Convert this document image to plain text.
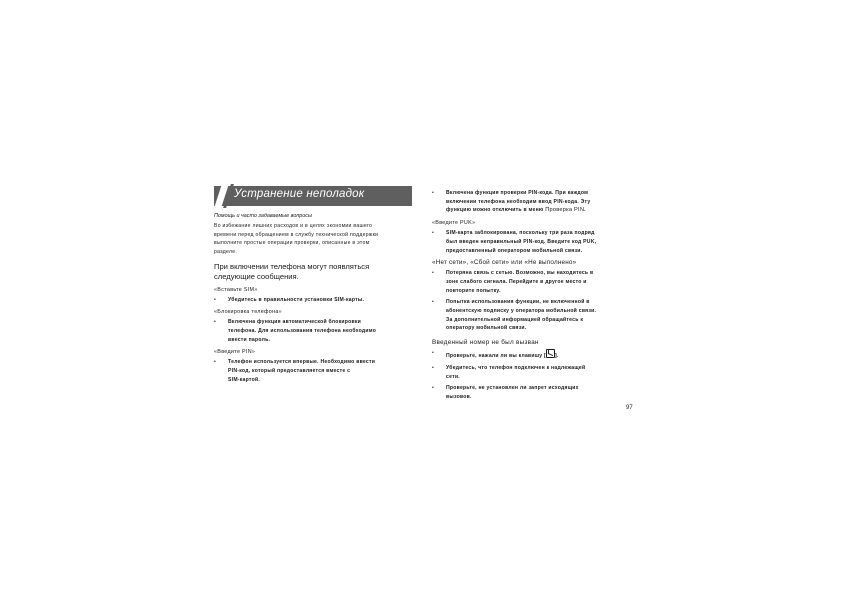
Устранение неполадок
Помощь и часто задаваемые вопросы
Во избежание лишних расходов и в целях экономии вашего
времени перед обращением в службу технической поддержки
выполните простые операции проверки, описанные в этом
разделе.
При включении телефона могут появляться
следующие сообщения.
«Вставьте SIM»
• Убедитесь в правильности установки SIM-карты.
«Блокировка телефона»
• Включена функция автоматической блокировки
телефона. Для использования телефона необходимо
ввести пароль.
«Введите PIN»
• Телефон используется впервые. Необходимо ввести
PIN-код, который предоставляется вместе с
SIM-картой.
• Включена функция проверки PIN-кода. При каждом
включении телефона необходим ввод PIN-кода. Эту
функцию можно отключить в меню Проверка PIN.
«Введите PUK»
• SIM-карта заблокирована, поскольку три раза подряд
был введен неправильный PIN-код. Введите код PUK,
предоставленный оператором мобильной связи.
«Нет сети», «Сбой сети» или «Не выполнено»
• Потеряна связь с сетью. Возможно, вы находитесь в
зоне слабого сигнала. Перейдите в другое место и
повторите попытку.
• Попытка использования функции, не включенной в
абонентскую подписку у оператора мобильной связи.
За дополнительной информацией обращайтесь к
оператору мобильной связи.
Введенный номер не был вызван
• Проверьте, нажали ли вы клавишу [ ].
• Убедитесь, что телефон подключен к надлежащей
сети.
• Проверьте, не установлен ли запрет исходящих
вызовов.
97
